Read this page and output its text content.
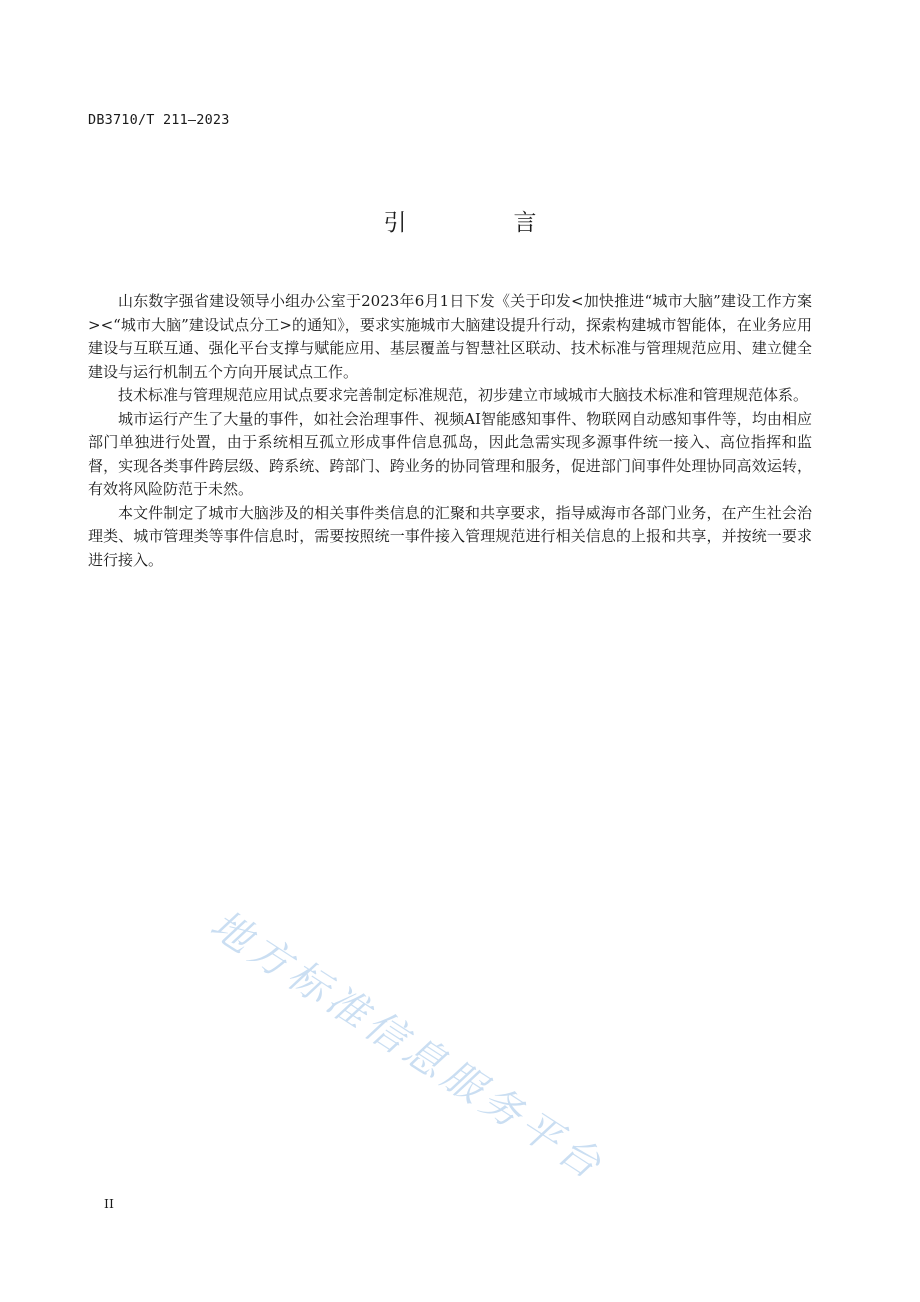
DB3710/T 211—2023
引　言

山东数字强省建设领导小组办公室于2023年6月1日下发《关于印发<加快推进“城市大脑”建设工作方案><“城市大脑”建设试点分工>的通知》，要求实施城市大脑建设提升行动，探索构建城市智能体，在业务应用建设与互联互通、强化平台支撑与赋能应用、基层覆盖与智慧社区联动、技术标准与管理规范应用、建立健全建设与运行机制五个方向开展试点工作。

技术标准与管理规范应用试点要求完善制定标准规范，初步建立市域城市大脑技术标准和管理规范体系。

城市运行产生了大量的事件，如社会治理事件、视频AI智能感知事件、物联网自动感知事件等，均由相应部门单独进行处置，由于系统相互孤立形成事件信息孤岛，因此急需实现多源事件统一接入、高位指挥和监督，实现各类事件跨层级、跨系统、跨部门、跨业务的协同管理和服务，促进部门间事件处理协同高效运转，有效将风险防范于未然。

本文件制定了城市大脑涉及的相关事件类信息的汇聚和共享要求，指导威海市各部门业务，在产生社会治理类、城市管理类等事件信息时，需要按照统一事件接入管理规范进行相关信息的上报和共享，并按统一要求进行接入。

地方标准信息服务平台
II
